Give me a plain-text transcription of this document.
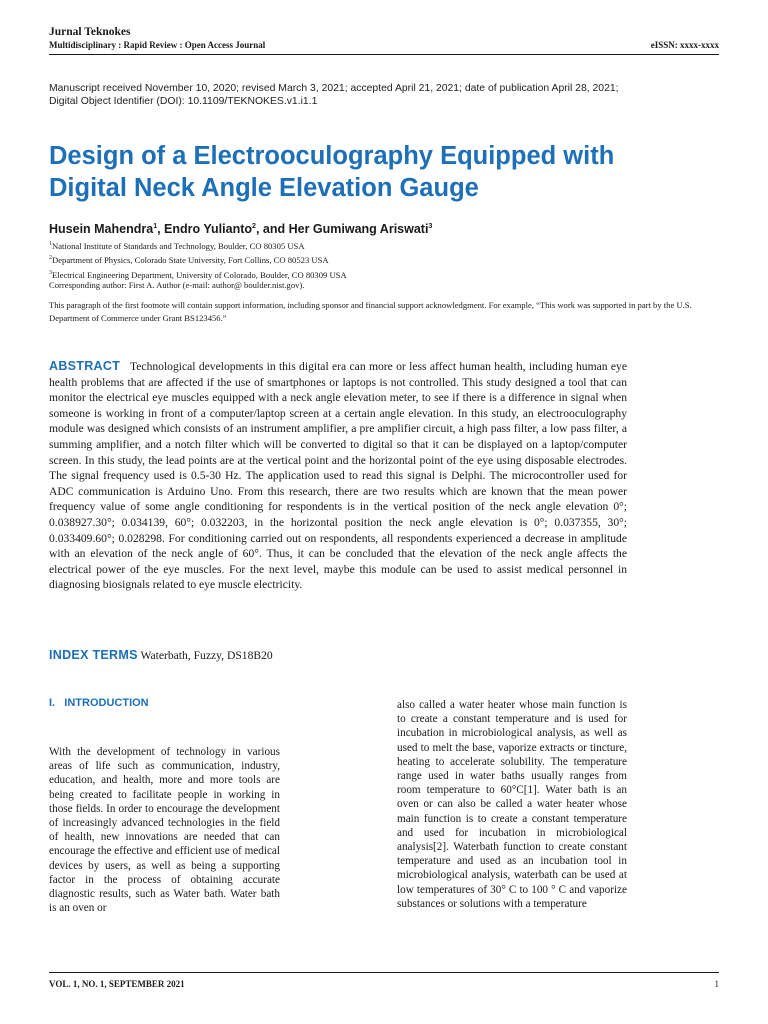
Jurnal Teknokes
Multidisciplinary : Rapid Review : Open Access Journal	eISSN: xxxx-xxxx
Manuscript received November 10, 2020; revised March 3, 2021; accepted April 21, 2021; date of publication April 28, 2021;
Digital Object Identifier (DOI): 10.1109/TEKNOKES.v1.i1.1
Design of a Electrooculography Equipped with
Digital Neck Angle Elevation Gauge
Husein Mahendra$^1$, Endro Yulianto$^2$, and Her Gumiwang Ariswati$^3$
$^1$National Institute of Standards and Technology, Boulder, CO 80305 USA
$^2$Department of Physics, Colorado State University, Fort Collins, CO 80523 USA
$^3$Electrical Engineering Department, University of Colorado, Boulder, CO 80309 USA
Corresponding author: First A. Author (e-mail: author@ boulder.nist.gov).
This paragraph of the first footnote will contain support information, including sponsor and financial support acknowledgment. For example, “This work was supported in part by the U.S. Department of Commerce under Grant BS123456.”
ABSTRACT Technological developments in this digital era can more or less affect human health, including human eye health problems that are affected if the use of smartphones or laptops is not controlled. This study designed a tool that can monitor the electrical eye muscles equipped with a neck angle elevation meter, to see if there is a difference in signal when someone is working in front of a computer/laptop screen at a certain angle elevation. In this study, an electrooculography module was designed which consists of an instrument amplifier, a pre amplifier circuit, a high pass filter, a low pass filter, a summing amplifier, and a notch filter which will be converted to digital so that it can be displayed on a laptop/computer screen. In this study, the lead points are at the vertical point and the horizontal point of the eye using disposable electrodes. The signal frequency used is 0.5-30 Hz. The application used to read this signal is Delphi. The microcontroller used for ADC communication is Arduino Uno. From this research, there are two results which are known that the mean power frequency value of some angle conditioning for respondents is in the vertical position of the neck angle elevation 0°; 0.038927.30°; 0.034139, 60°; 0.032203, in the horizontal position the neck angle elevation is 0°; 0.037355, 30°; 0.033409.60°; 0.028298. For conditioning carried out on respondents, all respondents experienced a decrease in amplitude with an elevation of the neck angle of 60°. Thus, it can be concluded that the elevation of the neck angle affects the electrical power of the eye muscles. For the next level, maybe this module can be used to assist medical personnel in diagnosing biosignals related to eye muscle electricity.
INDEX TERMS Waterbath, Fuzzy, DS18B20
I. INTRODUCTION
With the development of technology in various areas of life such as communication, industry, education, and health, more and more tools are being created to facilitate people in working in those fields. In order to encourage the development of increasingly advanced technologies in the field of health, new innovations are needed that can encourage the effective and efficient use of medical devices by users, as well as being a supporting factor in the process of obtaining accurate diagnostic results, such as Water bath. Water bath is an oven or
also called a water heater whose main function is to create a constant temperature and is used for incubation in microbiological analysis, as well as used to melt the base, vaporize extracts or tincture, heating to accelerate solubility. The temperature range used in water baths usually ranges from room temperature to 60°C[1]. Water bath is an oven or can also be called a water heater whose main function is to create a constant temperature and used for incubation in microbiological analysis[2]. Waterbath function to create constant temperature and used as an incubation tool in microbiological analysis, waterbath can be used at low temperatures of 30° C to 100 ° C and vaporize substances or solutions with a temperature
VOL. 1, NO. 1, SEPTEMBER 2021	1
